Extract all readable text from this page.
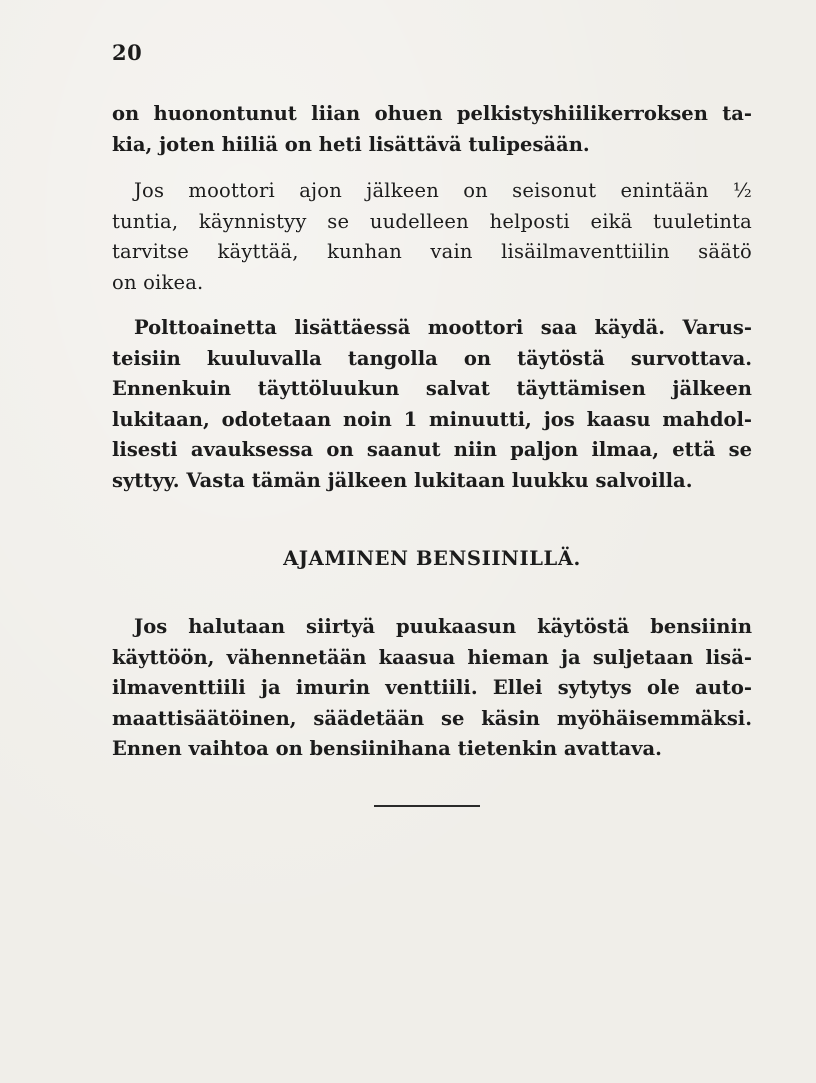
20
on huonontunut liian ohuen pelkistyshiilikerroksen ta-
kia, joten hiiliä on heti lisättävä tulipesään.
Jos moottori ajon jälkeen on seisonut enintään ½
tuntia, käynnistyy se uudelleen helposti eikä tuuletinta
tarvitse käyttää, kunhan vain lisäilmaventtiilin säätö
on oikea.
Polttoainetta lisättäessä moottori saa käydä. Varus-
teisiin kuuluvalla tangolla on täytöstä survottava.
Ennenkuin täyttöluukun salvat täyttämisen jälkeen
lukitaan, odotetaan noin 1 minuutti, jos kaasu mahdol-
lisesti avauksessa on saanut niin paljon ilmaa, että se
syttyy. Vasta tämän jälkeen lukitaan luukku salvoilla.
AJAMINEN BENSIINILLÄ.
Jos halutaan siirtyä puukaasun käytöstä bensiinin
käyttöön, vähennetään kaasua hieman ja suljetaan lisä-
ilmaventtiili ja imurin venttiili. Ellei sytytys ole auto-
maattisäätöinen, säädetään se käsin myöhäisemmäksi.
Ennen vaihtoa on bensiinihana tietenkin avattava.
